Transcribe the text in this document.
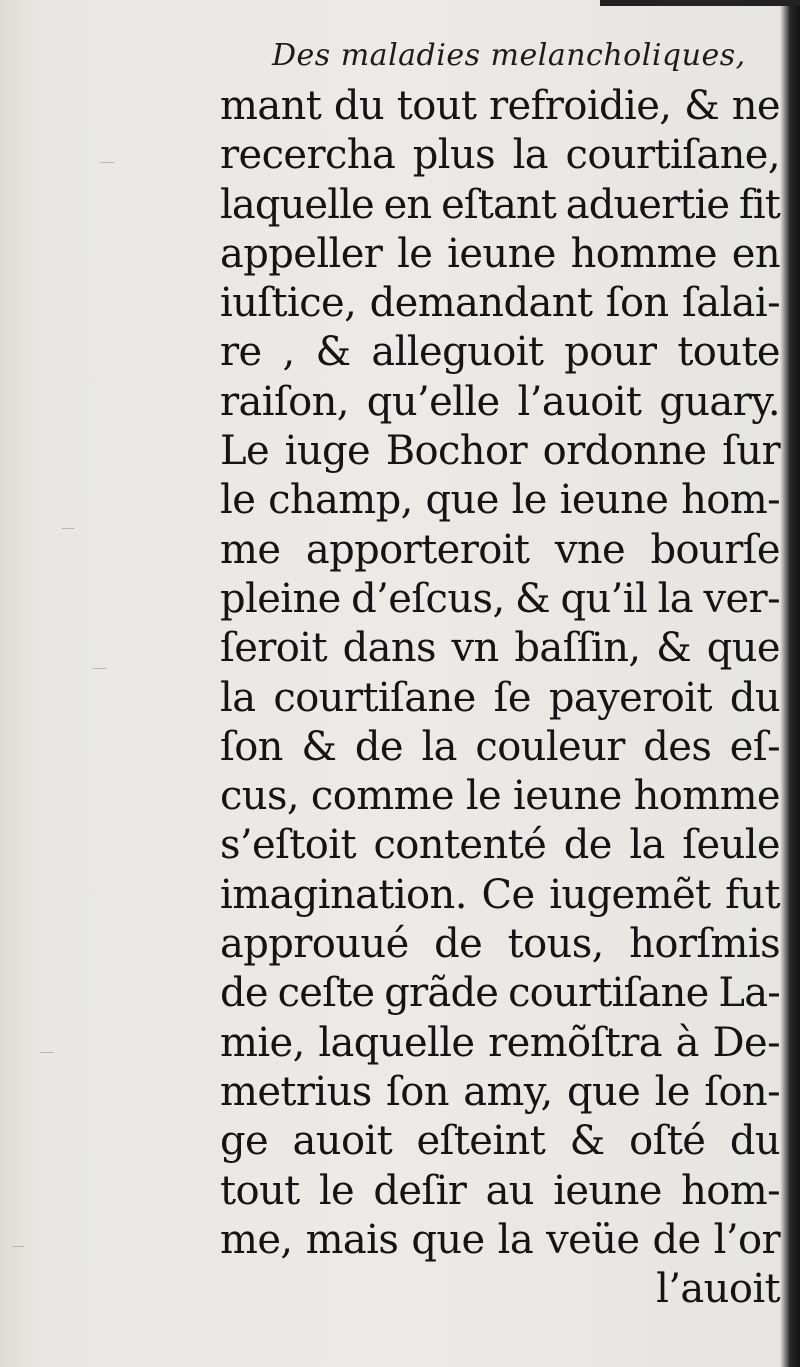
Des maladies melancholiques,
mant du tout refroidie, & ne
recercha plus la courtiſane,
laquelle en eſtant aduertie fit
appeller le ieune homme en
iuſtice, demandant ſon ſalai-
re , & alleguoit pour toute
raiſon, qu’elle l’auoit guary.
Le iuge Bochor ordonne ſur
le champ, que le ieune hom-
me apporteroit vne bourſe
pleine d’eſcus, & qu’il la ver-
ſeroit dans vn baſſin, & que
la courtiſane ſe payeroit du
ſon & de la couleur des eſ-
cus, comme le ieune homme
s’eſtoit contenté de la ſeule
imagination. Ce iugemẽt fut
approuué de tous, horſmis
de ceſte grãde courtiſane La-
mie, laquelle remõſtra à De-
metrius ſon amy, que le ſon-
ge auoit eſteint & oſté du
tout le deſir au ieune hom-
me, mais que la veüe de l’or
l’auoit
